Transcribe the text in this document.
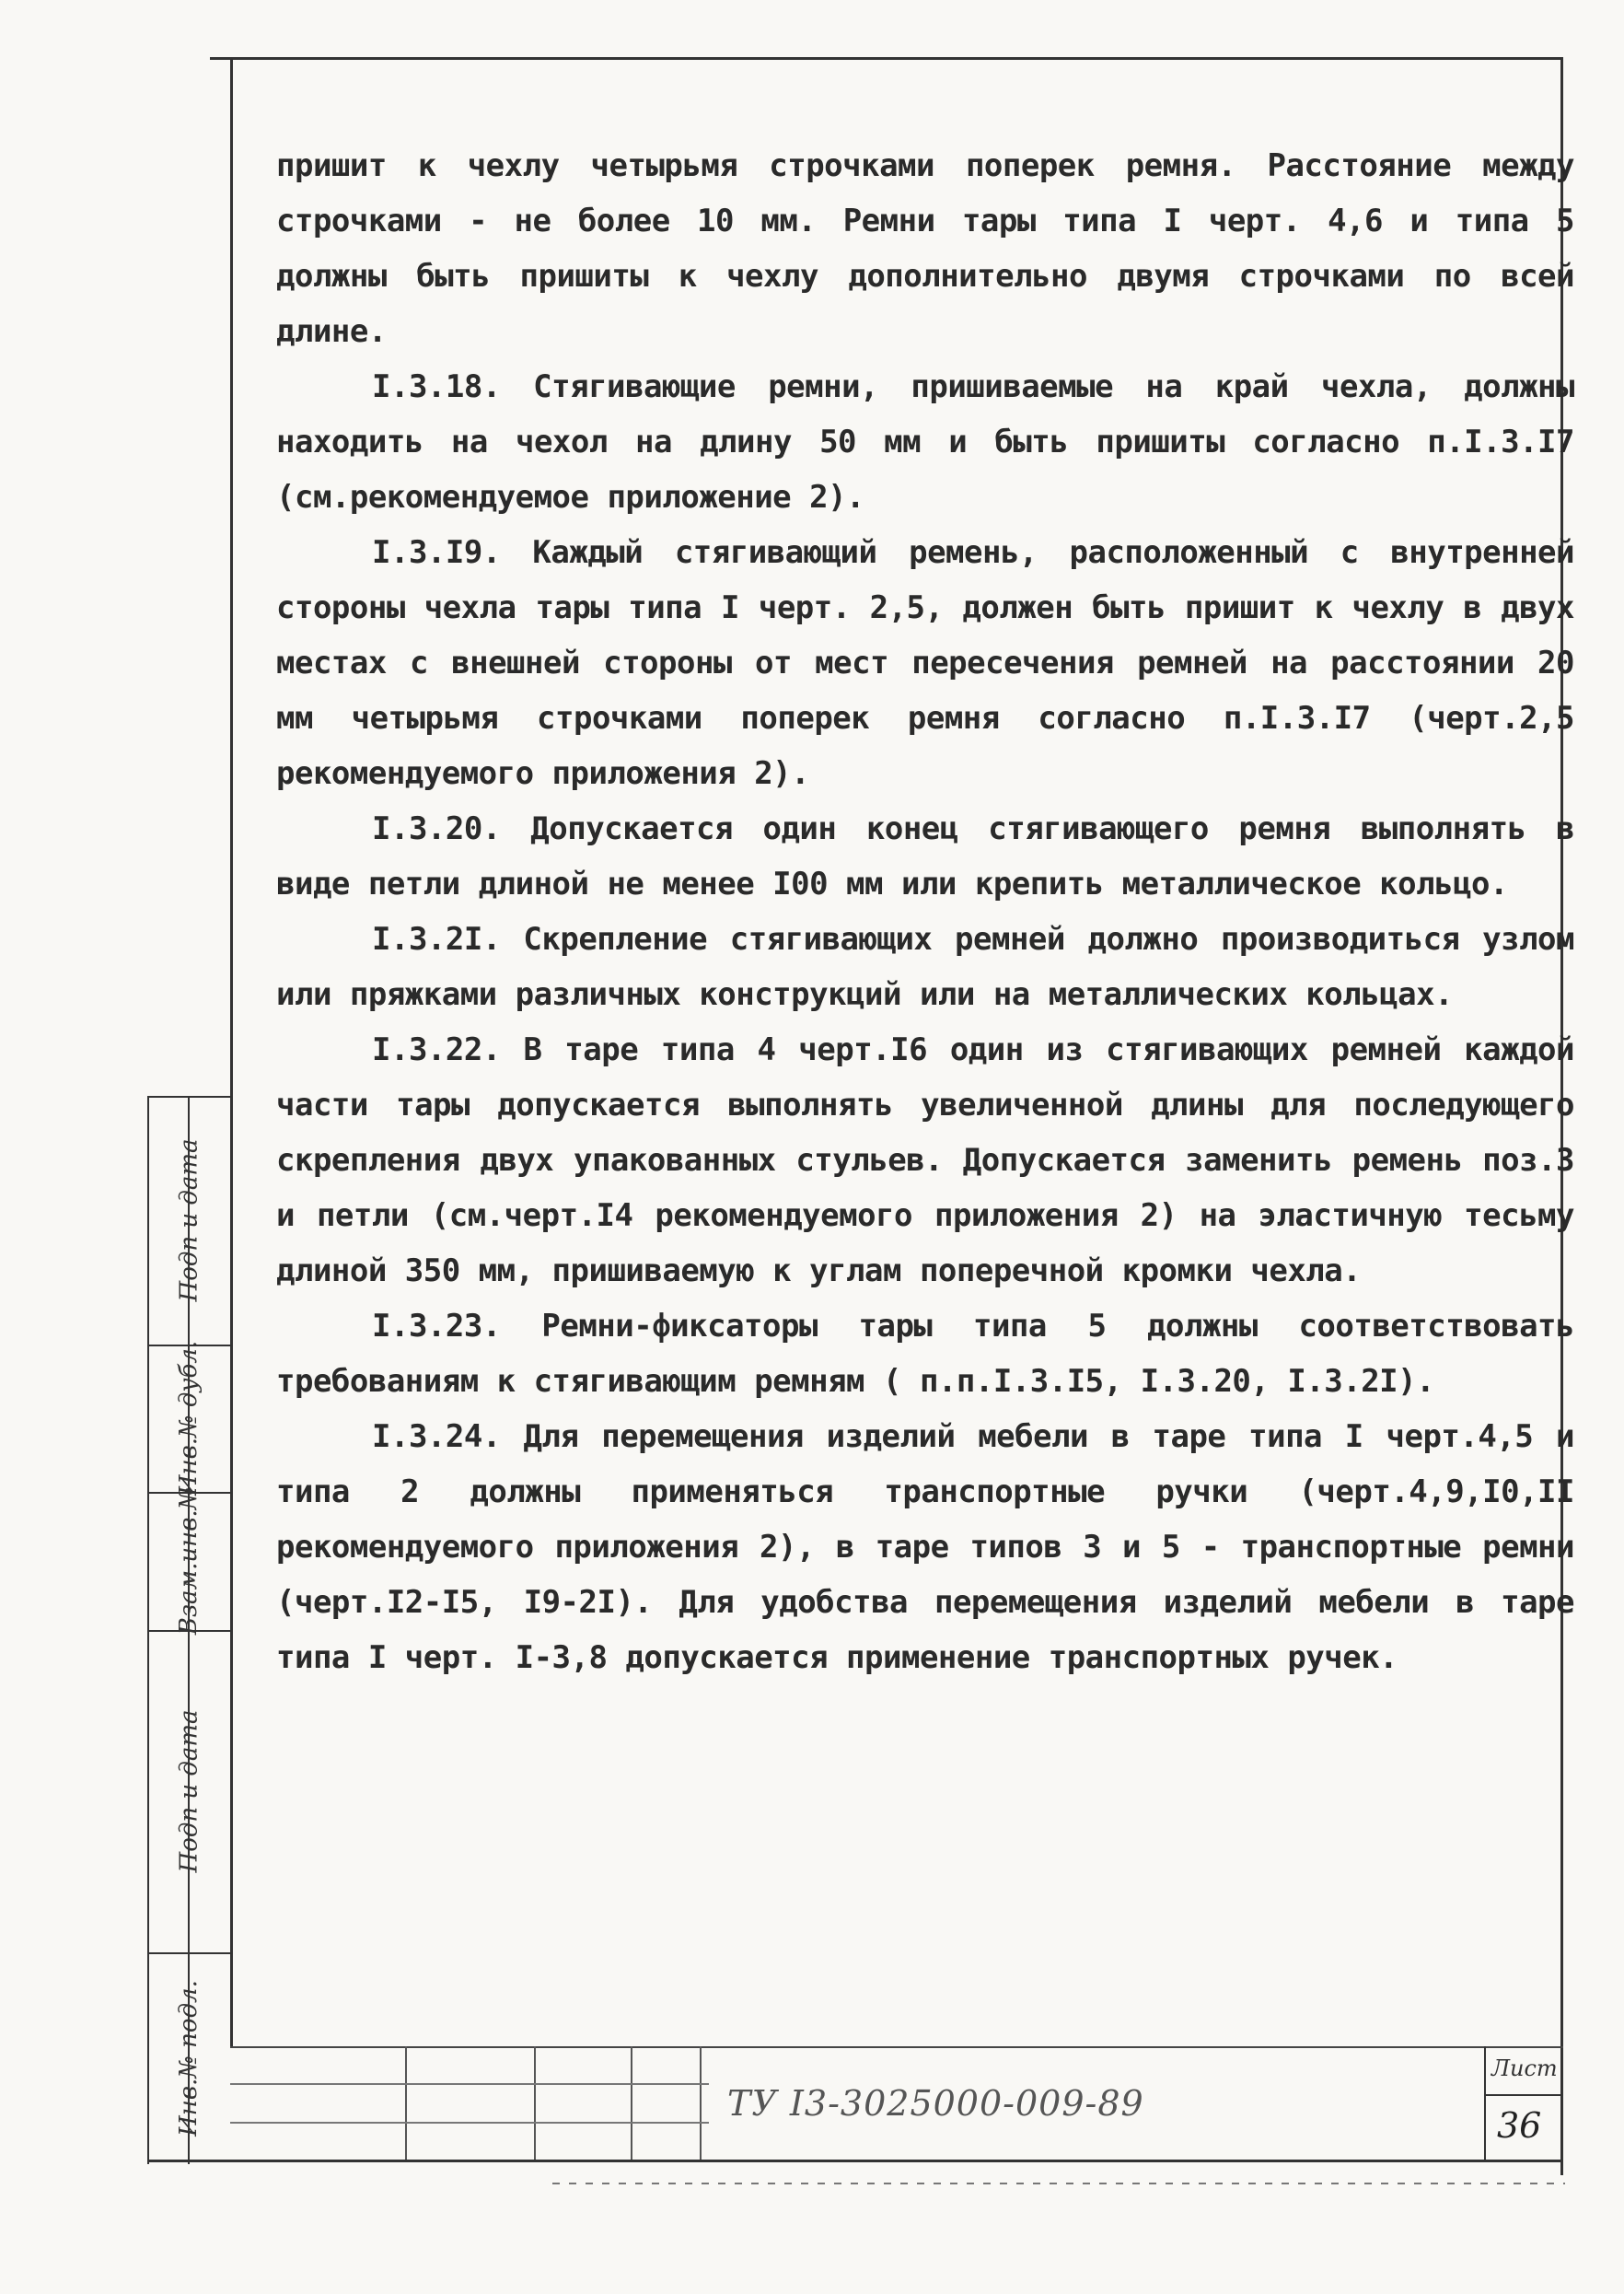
пришит к чехлу четырьмя строчками поперек ремня. Расстояние между строчками - не более 10 мм. Ремни тары типа I черт. 4,6 и типа 5 должны быть пришиты к чехлу дополнительно двумя строчками по всей длине.

I.3.18. Стягивающие ремни, пришиваемые на край чехла, должны находить на чехол на длину 50 мм и быть пришиты согласно п.I.3.I7 (см.рекомендуемое приложение 2).

I.3.I9. Каждый стягивающий ремень, расположенный с внутренней стороны чехла тары типа I черт. 2,5, должен быть пришит к чехлу в двух местах с внешней стороны от мест пересечения ремней на расстоянии 20 мм четырьмя строчками поперек ремня согласно п.I.3.I7 (черт.2,5 рекомендуемого приложения 2).

I.3.20. Допускается один конец стягивающего ремня выполнять в виде петли длиной не менее I00 мм или крепить металлическое кольцо.

I.3.2I. Скрепление стягивающих ремней должно производиться узлом или пряжками различных конструкций или на металлических кольцах.

I.3.22. В таре типа 4 черт.I6 один из стягивающих ремней каждой части тары допускается выполнять увеличенной длины для последующего скрепления двух упакованных стульев. Допускается заменить ремень поз.3 и петли (см.черт.I4 рекомендуемого приложения 2) на эластичную тесьму длиной 350 мм, пришиваемую к углам поперечной кромки чехла.

I.3.23. Ремни-фиксаторы тары типа 5 должны соответствовать требованиям к стягивающим ремням ( п.п.I.3.I5, I.3.20, I.3.2I).

I.3.24. Для перемещения изделий мебели в таре типа I черт.4,5 и типа 2 должны применяться транспортные ручки (черт.4,9,I0,II рекомендуемого приложения 2), в таре типов 3 и 5 - транспортные ремни (черт.I2-I5, I9-2I). Для удобства перемещения изделий мебели в таре типа I черт. I-3,8 допускается применение транспортных ручек.

Подп и дата
Инв.№ дубл.
Взам.инв.№
Подп и дата
Инв.№ подл.	ТУ I3-3025000-009-89
Лист
36
